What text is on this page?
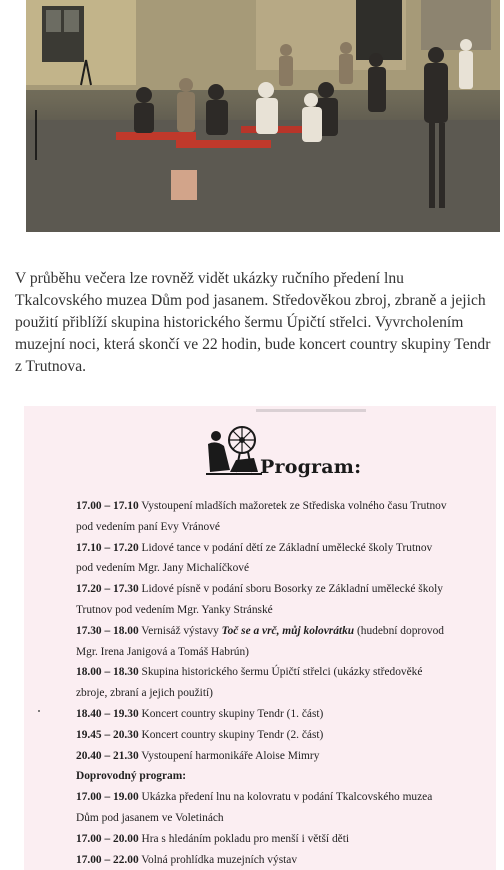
V průběhu večera lze rovněž vidět ukázky ručního předení lnu Tkalcovského muzea Dům pod jasanem. Středověkou zbroj, zbraně a jejich použití přiblíží skupina historického šermu Úpičtí střelci. Vyvrcholením muzejní noci, která skončí ve 22 hodin, bude koncert country skupiny Tendr z Trutnova.

Program:
17.00 – 17.10 Vystoupení mladších mažoretek ze Střediska volného času Trutnov
pod vedením paní Evy Vránové
17.10 – 17.20 Lidové tance v podání dětí ze Základní umělecké školy Trutnov
pod vedením Mgr. Jany Michalíčkové
17.20 – 17.30 Lidové písně v podání sboru Bosorky ze Základní umělecké školy
Trutnov pod vedením Mgr. Yanky Stránské
17.30 – 18.00 Vernisáž výstavy Toč se a vrč, můj kolovrátku (hudební doprovod
Mgr. Irena Janigová a Tomáš Habrún)
18.00 – 18.30 Skupina historického šermu Úpičtí střelci (ukázky středověké
zbroje, zbraní a jejich použití)
18.40 – 19.30 Koncert country skupiny Tendr (1. část)
19.45 – 20.30 Koncert country skupiny Tendr (2. část)
20.40 – 21.30 Vystoupení harmonikáře Aloise Mimry
Doprovodný program:
17.00 – 19.00 Ukázka předení lnu na kolovratu v podání Tkalcovského muzea
Dům pod jasanem ve Voletinách
17.00 – 20.00 Hra s hledáním pokladu pro menší i větší děti
17.00 – 22.00 Volná prohlídka muzejních výstav
